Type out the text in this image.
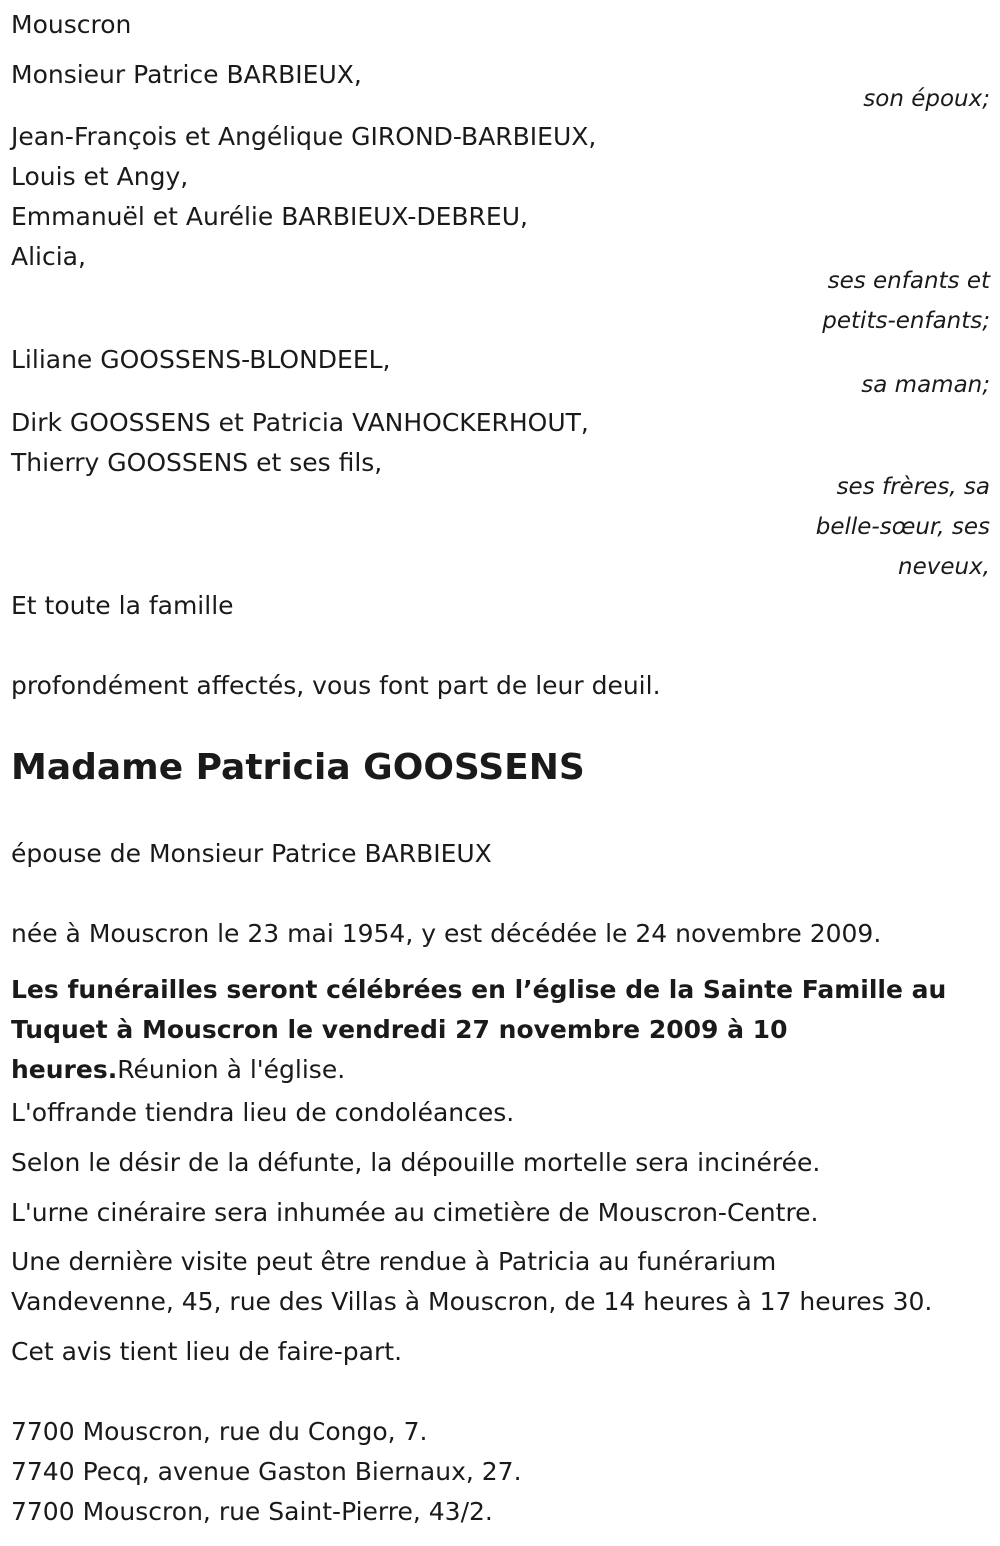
Mouscron
Monsieur Patrice BARBIEUX,
son époux;
Jean-François et Angélique GIROND-BARBIEUX,
Louis et Angy,
Emmanuël et Aurélie BARBIEUX-DEBREU,
Alicia,
ses enfants et
petits-enfants;
Liliane GOOSSENS-BLONDEEL,
sa maman;
Dirk GOOSSENS et Patricia VANHOCKERHOUT,
Thierry GOOSSENS et ses fils,
ses frères, sa
belle-sœur, ses
neveux,
Et toute la famille
profondément affectés, vous font part de leur deuil.
Madame Patricia GOOSSENS
épouse de Monsieur Patrice BARBIEUX
née à Mouscron le 23 mai 1954, y est décédée le 24 novembre 2009.
Les funérailles seront célébrées en l’église de la Sainte Famille au Tuquet à Mouscron le vendredi 27 novembre 2009 à 10 heures.Réunion à l'église.
L'offrande tiendra lieu de condoléances.
Selon le désir de la défunte, la dépouille mortelle sera incinérée.
L'urne cinéraire sera inhumée au cimetière de Mouscron-Centre.
Une dernière visite peut être rendue à Patricia au funérarium
Vandevenne, 45, rue des Villas à Mouscron, de 14 heures à 17 heures 30.
Cet avis tient lieu de faire-part.
7700 Mouscron, rue du Congo, 7.
7740 Pecq, avenue Gaston Biernaux, 27.
7700 Mouscron, rue Saint-Pierre, 43/2.
